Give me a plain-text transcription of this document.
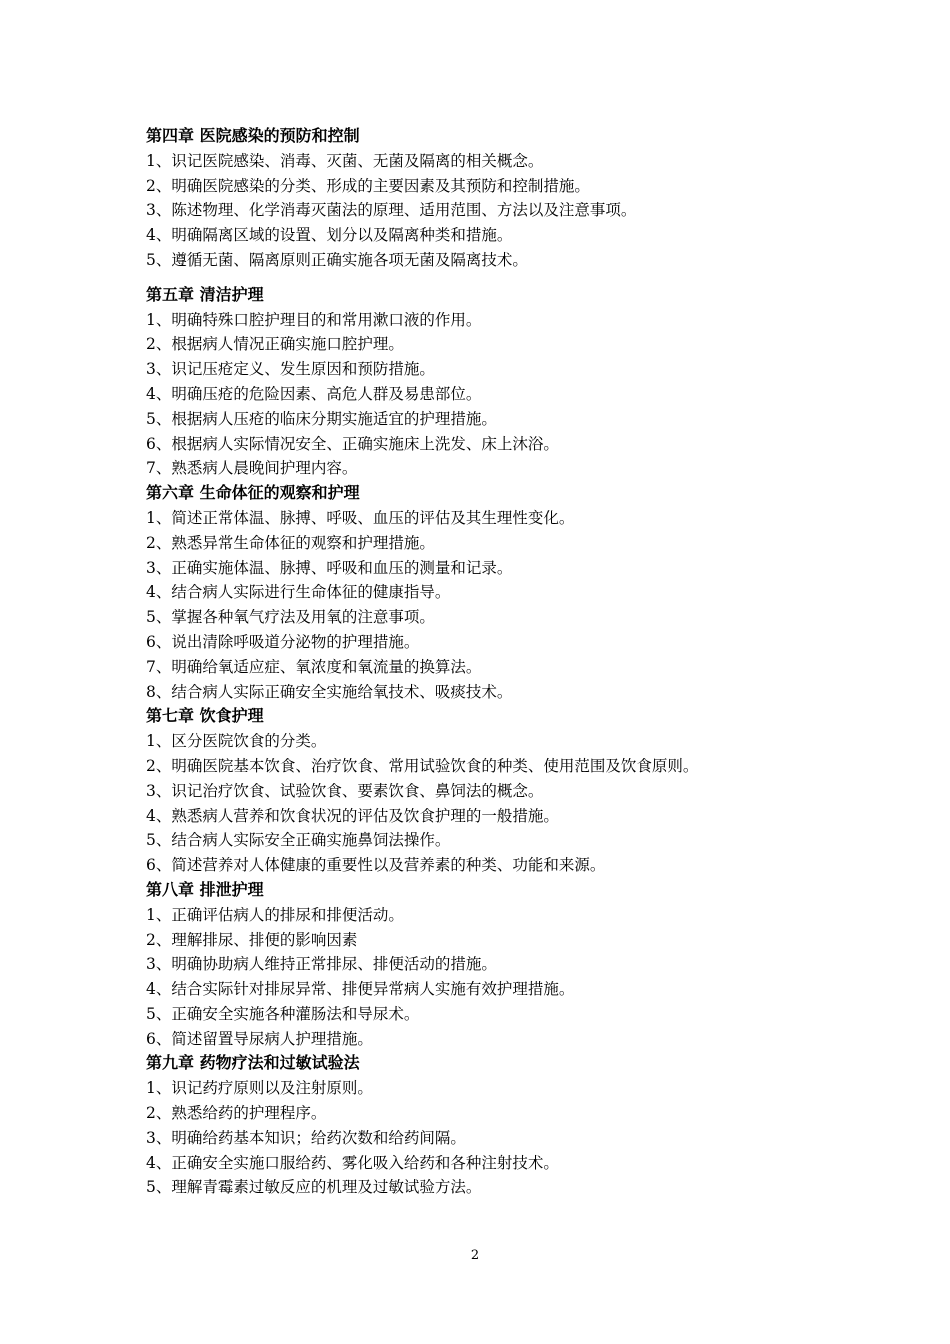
第四章 医院感染的预防和控制
1、识记医院感染、消毒、灭菌、无菌及隔离的相关概念。
2、明确医院感染的分类、形成的主要因素及其预防和控制措施。
3、陈述物理、化学消毒灭菌法的原理、适用范围、方法以及注意事项。
4、明确隔离区域的设置、划分以及隔离种类和措施。
5、遵循无菌、隔离原则正确实施各项无菌及隔离技术。
第五章 清洁护理
1、明确特殊口腔护理目的和常用漱口液的作用。
2、根据病人情况正确实施口腔护理。
3、识记压疮定义、发生原因和预防措施。
4、明确压疮的危险因素、高危人群及易患部位。
5、根据病人压疮的临床分期实施适宜的护理措施。
6、根据病人实际情况安全、正确实施床上洗发、床上沐浴。
7、熟悉病人晨晚间护理内容。
第六章 生命体征的观察和护理
1、简述正常体温、脉搏、呼吸、血压的评估及其生理性变化。
2、熟悉异常生命体征的观察和护理措施。
3、正确实施体温、脉搏、呼吸和血压的测量和记录。
4、结合病人实际进行生命体征的健康指导。
5、掌握各种氧气疗法及用氧的注意事项。
6、说出清除呼吸道分泌物的护理措施。
7、明确给氧适应症、氧浓度和氧流量的换算法。
8、结合病人实际正确安全实施给氧技术、吸痰技术。
第七章 饮食护理
1、区分医院饮食的分类。
2、明确医院基本饮食、治疗饮食、常用试验饮食的种类、使用范围及饮食原则。
3、识记治疗饮食、试验饮食、要素饮食、鼻饲法的概念。
4、熟悉病人营养和饮食状况的评估及饮食护理的一般措施。
5、结合病人实际安全正确实施鼻饲法操作。
6、简述营养对人体健康的重要性以及营养素的种类、功能和来源。
第八章 排泄护理
1、正确评估病人的排尿和排便活动。
2、理解排尿、排便的影响因素
3、明确协助病人维持正常排尿、排便活动的措施。
4、结合实际针对排尿异常、排便异常病人实施有效护理措施。
5、正确安全实施各种灌肠法和导尿术。
6、简述留置导尿病人护理措施。
第九章 药物疗法和过敏试验法
1、识记药疗原则以及注射原则。
2、熟悉给药的护理程序。
3、明确给药基本知识；给药次数和给药间隔。
4、正确安全实施口服给药、雾化吸入给药和各种注射技术。
5、理解青霉素过敏反应的机理及过敏试验方法。
2
